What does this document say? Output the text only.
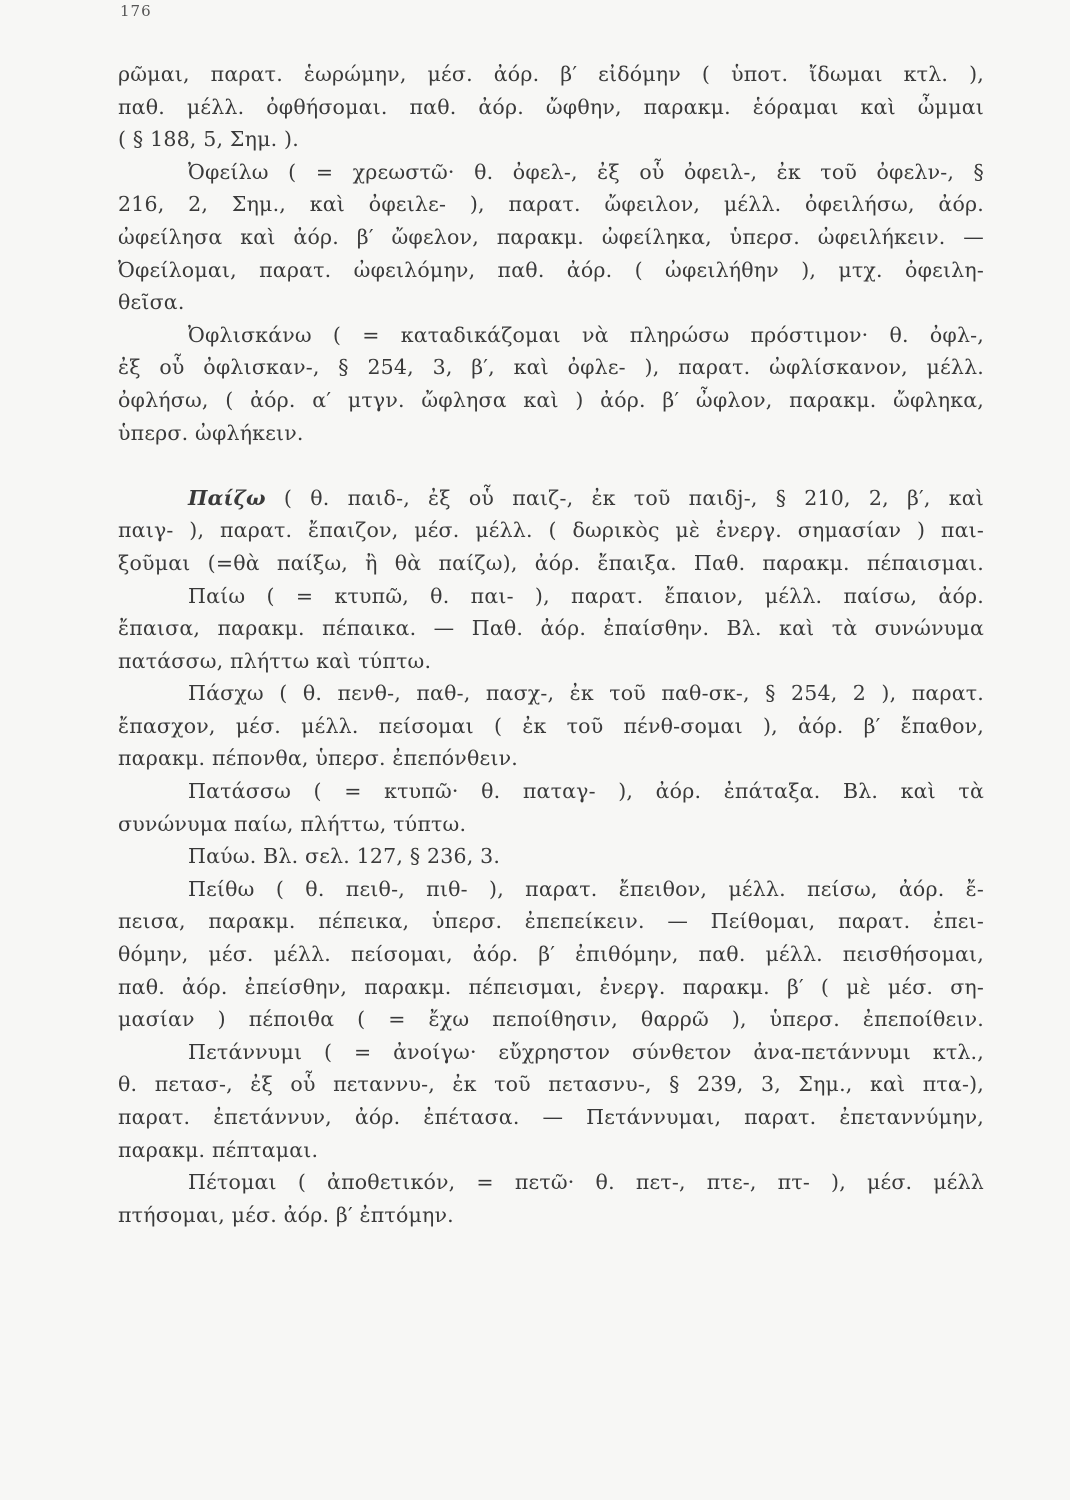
176
ρῶμαι, παρατ. ἑωρώμην, μέσ. ἀόρ. β′ εἰδόμην ( ὑποτ. ἴδωμαι κτλ. ),
παθ. μέλλ. ὀφθήσομαι. παθ. ἀόρ. ὤφθην, παρακμ. ἑόραμαι καὶ ὦμμαι
( § 188, 5, Σημ. ).
Ὀφείλω ( = χρεωστῶ· θ. ὀφελ-, ἐξ οὗ ὀφειλ-, ἐκ τοῦ ὀφελν-, §
216, 2, Σημ., καὶ ὀφειλε- ), παρατ. ὤφειλον, μέλλ. ὀφειλήσω, ἀόρ.
ὠφείλησα καὶ ἀόρ. β′ ὤφελον, παρακμ. ὠφείληκα, ὑπερσ. ὠφειλήκειν. —
Ὀφείλομαι, παρατ. ὠφειλόμην, παθ. ἀόρ. ( ὠφειλήθην ), μτχ. ὀφειλη-
θεῖσα.
Ὀφλισκάνω ( = καταδικάζομαι νὰ πληρώσω πρόστιμον· θ. ὀφλ-,
ἐξ οὗ ὀφλισκαν-, § 254, 3, β′, καὶ ὀφλε- ), παρατ. ὠφλίσκανον, μέλλ.
ὀφλήσω, ( ἀόρ. α′ μτγν. ὤφλησα καὶ ) ἀόρ. β′ ὦφλον, παρακμ. ὤφληκα,
ὑπερσ. ὠφλήκειν.
Παίζω ( θ. παιδ-, ἐξ οὗ παιζ-, ἐκ τοῦ παιδj-, § 210, 2, β′, καὶ
παιγ- ), παρατ. ἔπαιζον, μέσ. μέλλ. ( δωρικὸς μὲ ἐνεργ. σημασίαν ) παι-
ξοῦμαι (=θὰ παίξω, ἢ θὰ παίζω), ἀόρ. ἔπαιξα. Παθ. παρακμ. πέπαισμαι.
Παίω ( = κτυπῶ, θ. παι- ), παρατ. ἔπαιον, μέλλ. παίσω, ἀόρ.
ἔπαισα, παρακμ. πέπαικα. — Παθ. ἀόρ. ἐπαίσθην. Βλ. καὶ τὰ συνώνυμα
πατάσσω, πλήττω καὶ τύπτω.
Πάσχω ( θ. πενθ-, παθ-, πασχ-, ἐκ τοῦ παθ-σκ-, § 254, 2 ), παρατ.
ἔπασχον, μέσ. μέλλ. πείσομαι ( ἐκ τοῦ πένθ-σομαι ), ἀόρ. β′ ἔπαθον,
παρακμ. πέπονθα, ὑπερσ. ἐπεπόνθειν.
Πατάσσω ( = κτυπῶ· θ. παταγ- ), ἀόρ. ἐπάταξα. Βλ. καὶ τὰ
συνώνυμα παίω, πλήττω, τύπτω.
Παύω. Βλ. σελ. 127, § 236, 3.
Πείθω ( θ. πειθ-, πιθ- ), παρατ. ἔπειθον, μέλλ. πείσω, ἀόρ. ἔ-
πεισα, παρακμ. πέπεικα, ὑπερσ. ἐπεπείκειν. — Πείθομαι, παρατ. ἐπει-
θόμην, μέσ. μέλλ. πείσομαι, ἀόρ. β′ ἐπιθόμην, παθ. μέλλ. πεισθήσομαι,
παθ. ἀόρ. ἐπείσθην, παρακμ. πέπεισμαι, ἐνεργ. παρακμ. β′ ( μὲ μέσ. ση-
μασίαν ) πέποιθα ( = ἔχω πεποίθησιν, θαρρῶ ), ὑπερσ. ἐπεποίθειν.
Πετάννυμι ( = ἀνοίγω· εὔχρηστον σύνθετον ἀνα-πετάννυμι κτλ.,
θ. πετασ-, ἐξ οὗ πεταννυ-, ἐκ τοῦ πετασνυ-, § 239, 3, Σημ., καὶ πτα-),
παρατ. ἐπετάννυν, ἀόρ. ἐπέτασα. — Πετάννυμαι, παρατ. ἐπεταννύμην,
παρακμ. πέπταμαι.
Πέτομαι ( ἀποθετικόν, = πετῶ· θ. πετ-, πτε-, πτ- ), μέσ. μέλλ
πτήσομαι, μέσ. ἀόρ. β′ ἐπτόμην.
